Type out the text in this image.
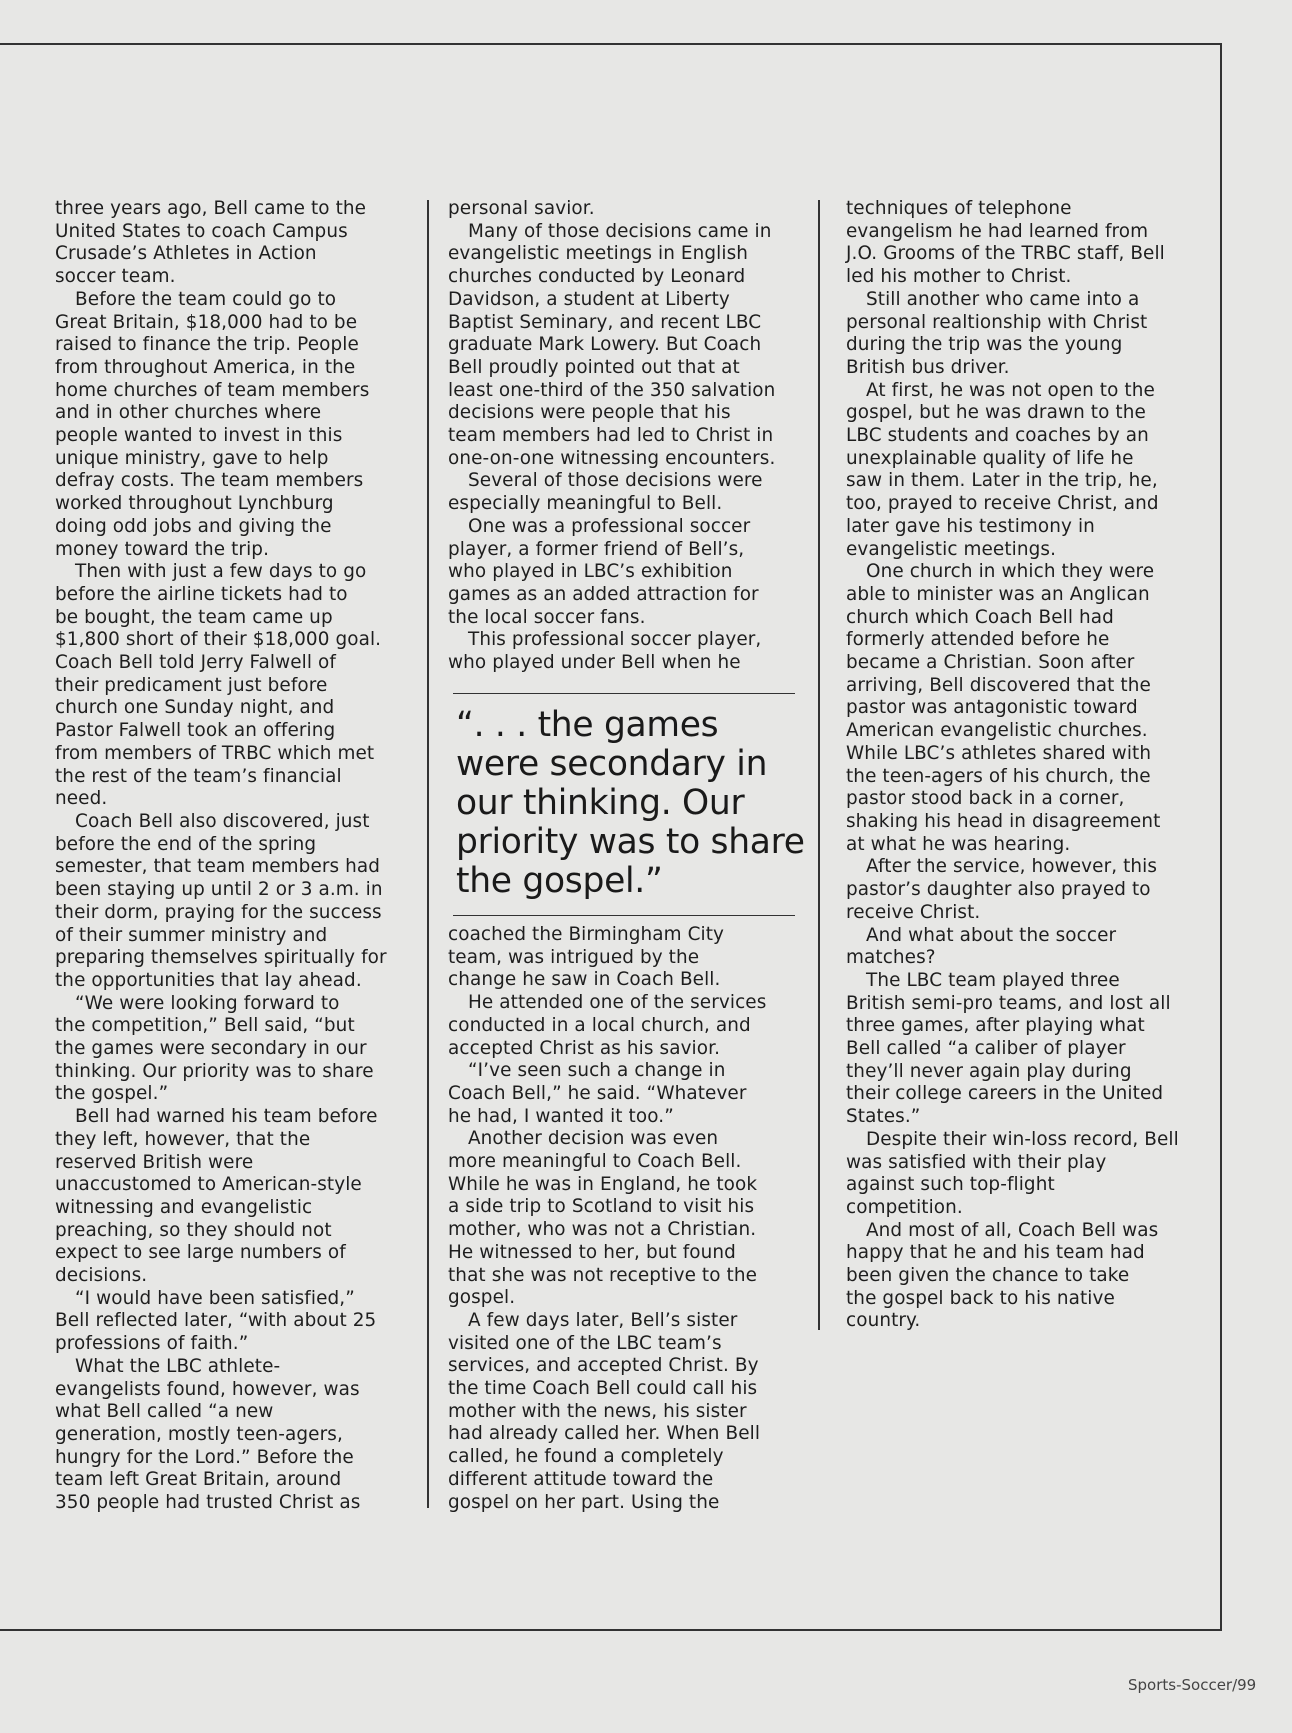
three years ago, Bell came to the

United States to coach Campus

Crusade’s Athletes in Action

soccer team.

Before the team could go to

Great Britain, $18,000 had to be

raised to finance the trip. People

from throughout America, in the

home churches of team members

and in other churches where

people wanted to invest in this

unique ministry, gave to help

defray costs. The team members

worked throughout Lynchburg

doing odd jobs and giving the

money toward the trip.

Then with just a few days to go

before the airline tickets had to

be bought, the team came up

$1,800 short of their $18,000 goal.

Coach Bell told Jerry Falwell of

their predicament just before

church one Sunday night, and

Pastor Falwell took an offering

from members of TRBC which met

the rest of the team’s financial

need.

Coach Bell also discovered, just

before the end of the spring

semester, that team members had

been staying up until 2 or 3 a.m. in

their dorm, praying for the success

of their summer ministry and

preparing themselves spiritually for

the opportunities that lay ahead.

“We were looking forward to

the competition,” Bell said, “but

the games were secondary in our

thinking. Our priority was to share

the gospel.”

Bell had warned his team before

they left, however, that the

reserved British were

unaccustomed to American-style

witnessing and evangelistic

preaching, so they should not

expect to see large numbers of

decisions.

“I would have been satisfied,”

Bell reflected later, “with about 25

professions of faith.”

What the LBC athlete-

evangelists found, however, was

what Bell called “a new

generation, mostly teen-agers,

hungry for the Lord.” Before the

team left Great Britain, around

350 people had trusted Christ as

personal savior.

Many of those decisions came in

evangelistic meetings in English

churches conducted by Leonard

Davidson, a student at Liberty

Baptist Seminary, and recent LBC

graduate Mark Lowery. But Coach

Bell proudly pointed out that at

least one-third of the 350 salvation

decisions were people that his

team members had led to Christ in

one-on-one witnessing encounters.

Several of those decisions were

especially meaningful to Bell.

One was a professional soccer

player, a former friend of Bell’s,

who played in LBC’s exhibition

games as an added attraction for

the local soccer fans.

This professional soccer player,

who played under Bell when he

“. . . the games

were secondary in

our thinking. Our

priority was to share

the gospel.”

coached the Birmingham City

team, was intrigued by the

change he saw in Coach Bell.

He attended one of the services

conducted in a local church, and

accepted Christ as his savior.

“I’ve seen such a change in

Coach Bell,” he said. “Whatever

he had, I wanted it too.”

Another decision was even

more meaningful to Coach Bell.

While he was in England, he took

a side trip to Scotland to visit his

mother, who was not a Christian.

He witnessed to her, but found

that she was not receptive to the

gospel.

A few days later, Bell’s sister

visited one of the LBC team’s

services, and accepted Christ. By

the time Coach Bell could call his

mother with the news, his sister

had already called her. When Bell

called, he found a completely

different attitude toward the

gospel on her part. Using the

techniques of telephone

evangelism he had learned from

J.O. Grooms of the TRBC staff, Bell

led his mother to Christ.

Still another who came into a

personal realtionship with Christ

during the trip was the young

British bus driver.

At first, he was not open to the

gospel, but he was drawn to the

LBC students and coaches by an

unexplainable quality of life he

saw in them. Later in the trip, he,

too, prayed to receive Christ, and

later gave his testimony in

evangelistic meetings.

One church in which they were

able to minister was an Anglican

church which Coach Bell had

formerly attended before he

became a Christian. Soon after

arriving, Bell discovered that the

pastor was antagonistic toward

American evangelistic churches.

While LBC’s athletes shared with

the teen-agers of his church, the

pastor stood back in a corner,

shaking his head in disagreement

at what he was hearing.

After the service, however, this

pastor’s daughter also prayed to

receive Christ.

And what about the soccer

matches?

The LBC team played three

British semi-pro teams, and lost all

three games, after playing what

Bell called “a caliber of player

they’ll never again play during

their college careers in the United

States.”

Despite their win-loss record, Bell

was satisfied with their play

against such top-flight

competition.

And most of all, Coach Bell was

happy that he and his team had

been given the chance to take

the gospel back to his native

country.

Sports-Soccer/99
